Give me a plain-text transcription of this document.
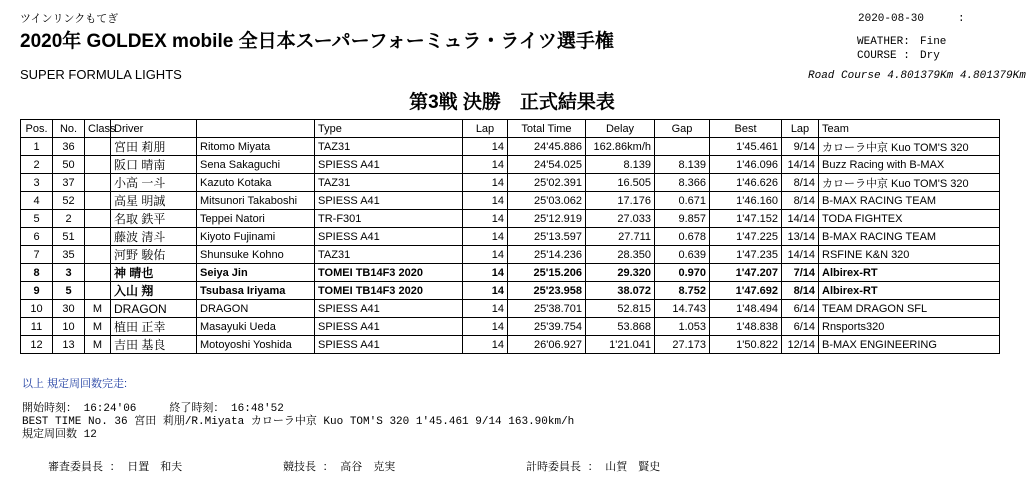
ツインリンクもてぎ
2020年 GOLDEX mobile 全日本スーパーフォーミュラ・ライツ選手権
SUPER FORMULA LIGHTS
第3戦 決勝　正式結果表
2020-08-30	:
WEATHER: Fine
COURSE : Dry
Road Course 4.801379Km 4.801379Km
Pos.	No.	Class	Driver		Type	Lap	Total Time	Delay	Gap	Best	Lap	Team
1	36		宮田 莉朋	Ritomo Miyata	TAZ31	14	24'45.886	162.86km/h		1'45.461	9/14	カローラ中京 Kuo TOM'S 320
2	50		阪口 晴南	Sena Sakaguchi	SPIESS A41	14	24'54.025	8.139	8.139	1'46.096	14/14	Buzz Racing with B-MAX
3	37		小高 一斗	Kazuto Kotaka	TAZ31	14	25'02.391	16.505	8.366	1'46.626	8/14	カローラ中京 Kuo TOM'S 320
4	52		高星 明誠	Mitsunori Takaboshi	SPIESS A41	14	25'03.062	17.176	0.671	1'46.160	8/14	B-MAX RACING TEAM
5	2		名取 鉄平	Teppei Natori	TR-F301	14	25'12.919	27.033	9.857	1'47.152	14/14	TODA FIGHTEX
6	51		藤波 清斗	Kiyoto Fujinami	SPIESS A41	14	25'13.597	27.711	0.678	1'47.225	13/14	B-MAX RACING TEAM
7	35		河野 駿佑	Shunsuke Kohno	TAZ31	14	25'14.236	28.350	0.639	1'47.235	14/14	RSFINE K&N 320
8	3		神 晴也	Seiya Jin	TOMEI TB14F3 2020	14	25'15.206	29.320	0.970	1'47.207	7/14	Albirex-RT
9	5		入山 翔	Tsubasa Iriyama	TOMEI TB14F3 2020	14	25'23.958	38.072	8.752	1'47.692	8/14	Albirex-RT
10	30	M	DRAGON	DRAGON	SPIESS A41	14	25'38.701	52.815	14.743	1'48.494	6/14	TEAM DRAGON SFL
11	10	M	植田 正幸	Masayuki Ueda	SPIESS A41	14	25'39.754	53.868	1.053	1'48.838	6/14	Rnsports320
12	13	M	吉田 基良	Motoyoshi Yoshida	SPIESS A41	14	26'06.927	1'21.041	27.173	1'50.822	12/14	B-MAX ENGINEERING
以上 規定周回数完走:
開始時刻： 16:24'06　　　終了時刻： 16:48'52
BEST TIME No. 36 宮田 莉朋/R.Miyata カローラ中京 Kuo TOM'S 320 1'45.461 9/14 163.90km/h
規定周回数 12
審査委員長 ： 日置　和夫	競技長 ： 高谷　克実	計時委員長 ： 山賀　賢史
